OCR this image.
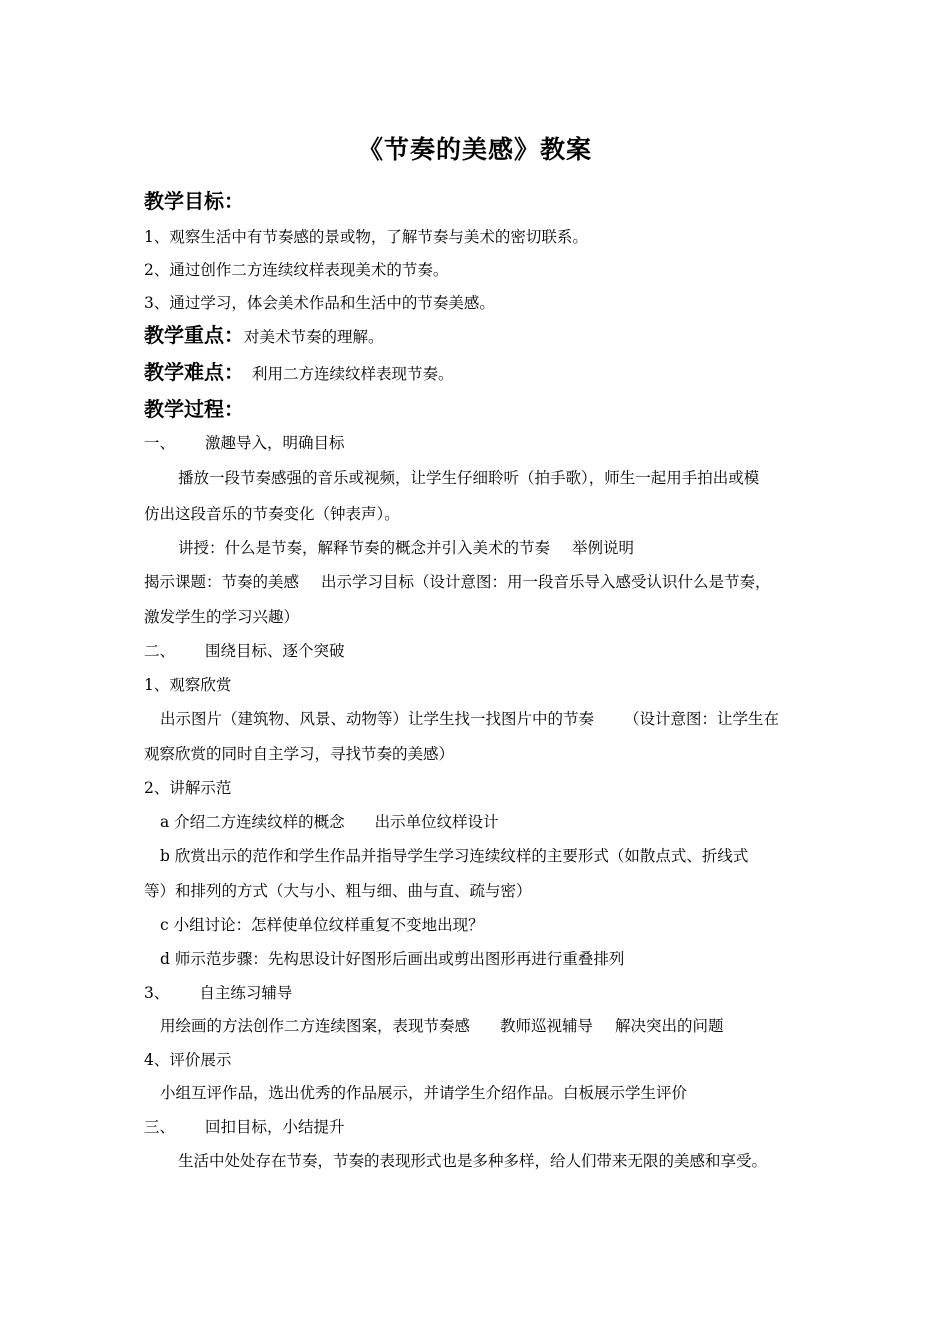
《节奏的美感》教案
教学目标：
1、观察生活中有节奏感的景或物，了解节奏与美术的密切联系。
2、通过创作二方连续纹样表现美术的节奏。
3、通过学习，体会美术作品和生活中的节奏美感。
教学重点：对美术节奏的理解。
教学难点： 利用二方连续纹样表现节奏。
教学过程：
一、 激趣导入，明确目标
播放一段节奏感强的音乐或视频，让学生仔细聆听（拍手歌），师生一起用手拍出或模
仿出这段音乐的节奏变化（钟表声）。
讲授：什么是节奏，解释节奏的概念并引入美术的节奏 举例说明
揭示课题：节奏的美感 出示学习目标（设计意图：用一段音乐导入感受认识什么是节奏，
激发学生的学习兴趣）
二、 围绕目标、逐个突破
1、观察欣赏
出示图片（建筑物、风景、动物等）让学生找一找图片中的节奏 （设计意图：让学生在
观察欣赏的同时自主学习，寻找节奏的美感）
2、讲解示范
a 介绍二方连续纹样的概念 出示单位纹样设计
b 欣赏出示的范作和学生作品并指导学生学习连续纹样的主要形式（如散点式、折线式
等）和排列的方式（大与小、粗与细、曲与直、疏与密）
c 小组讨论：怎样使单位纹样重复不变地出现？
d 师示范步骤：先构思设计好图形后画出或剪出图形再进行重叠排列
3、 自主练习辅导
用绘画的方法创作二方连续图案，表现节奏感 教师巡视辅导 解决突出的问题
4、评价展示
小组互评作品，选出优秀的作品展示，并请学生介绍作品。白板展示学生评价
三、 回扣目标，小结提升
生活中处处存在节奏，节奏的表现形式也是多种多样，给人们带来无限的美感和享受。
